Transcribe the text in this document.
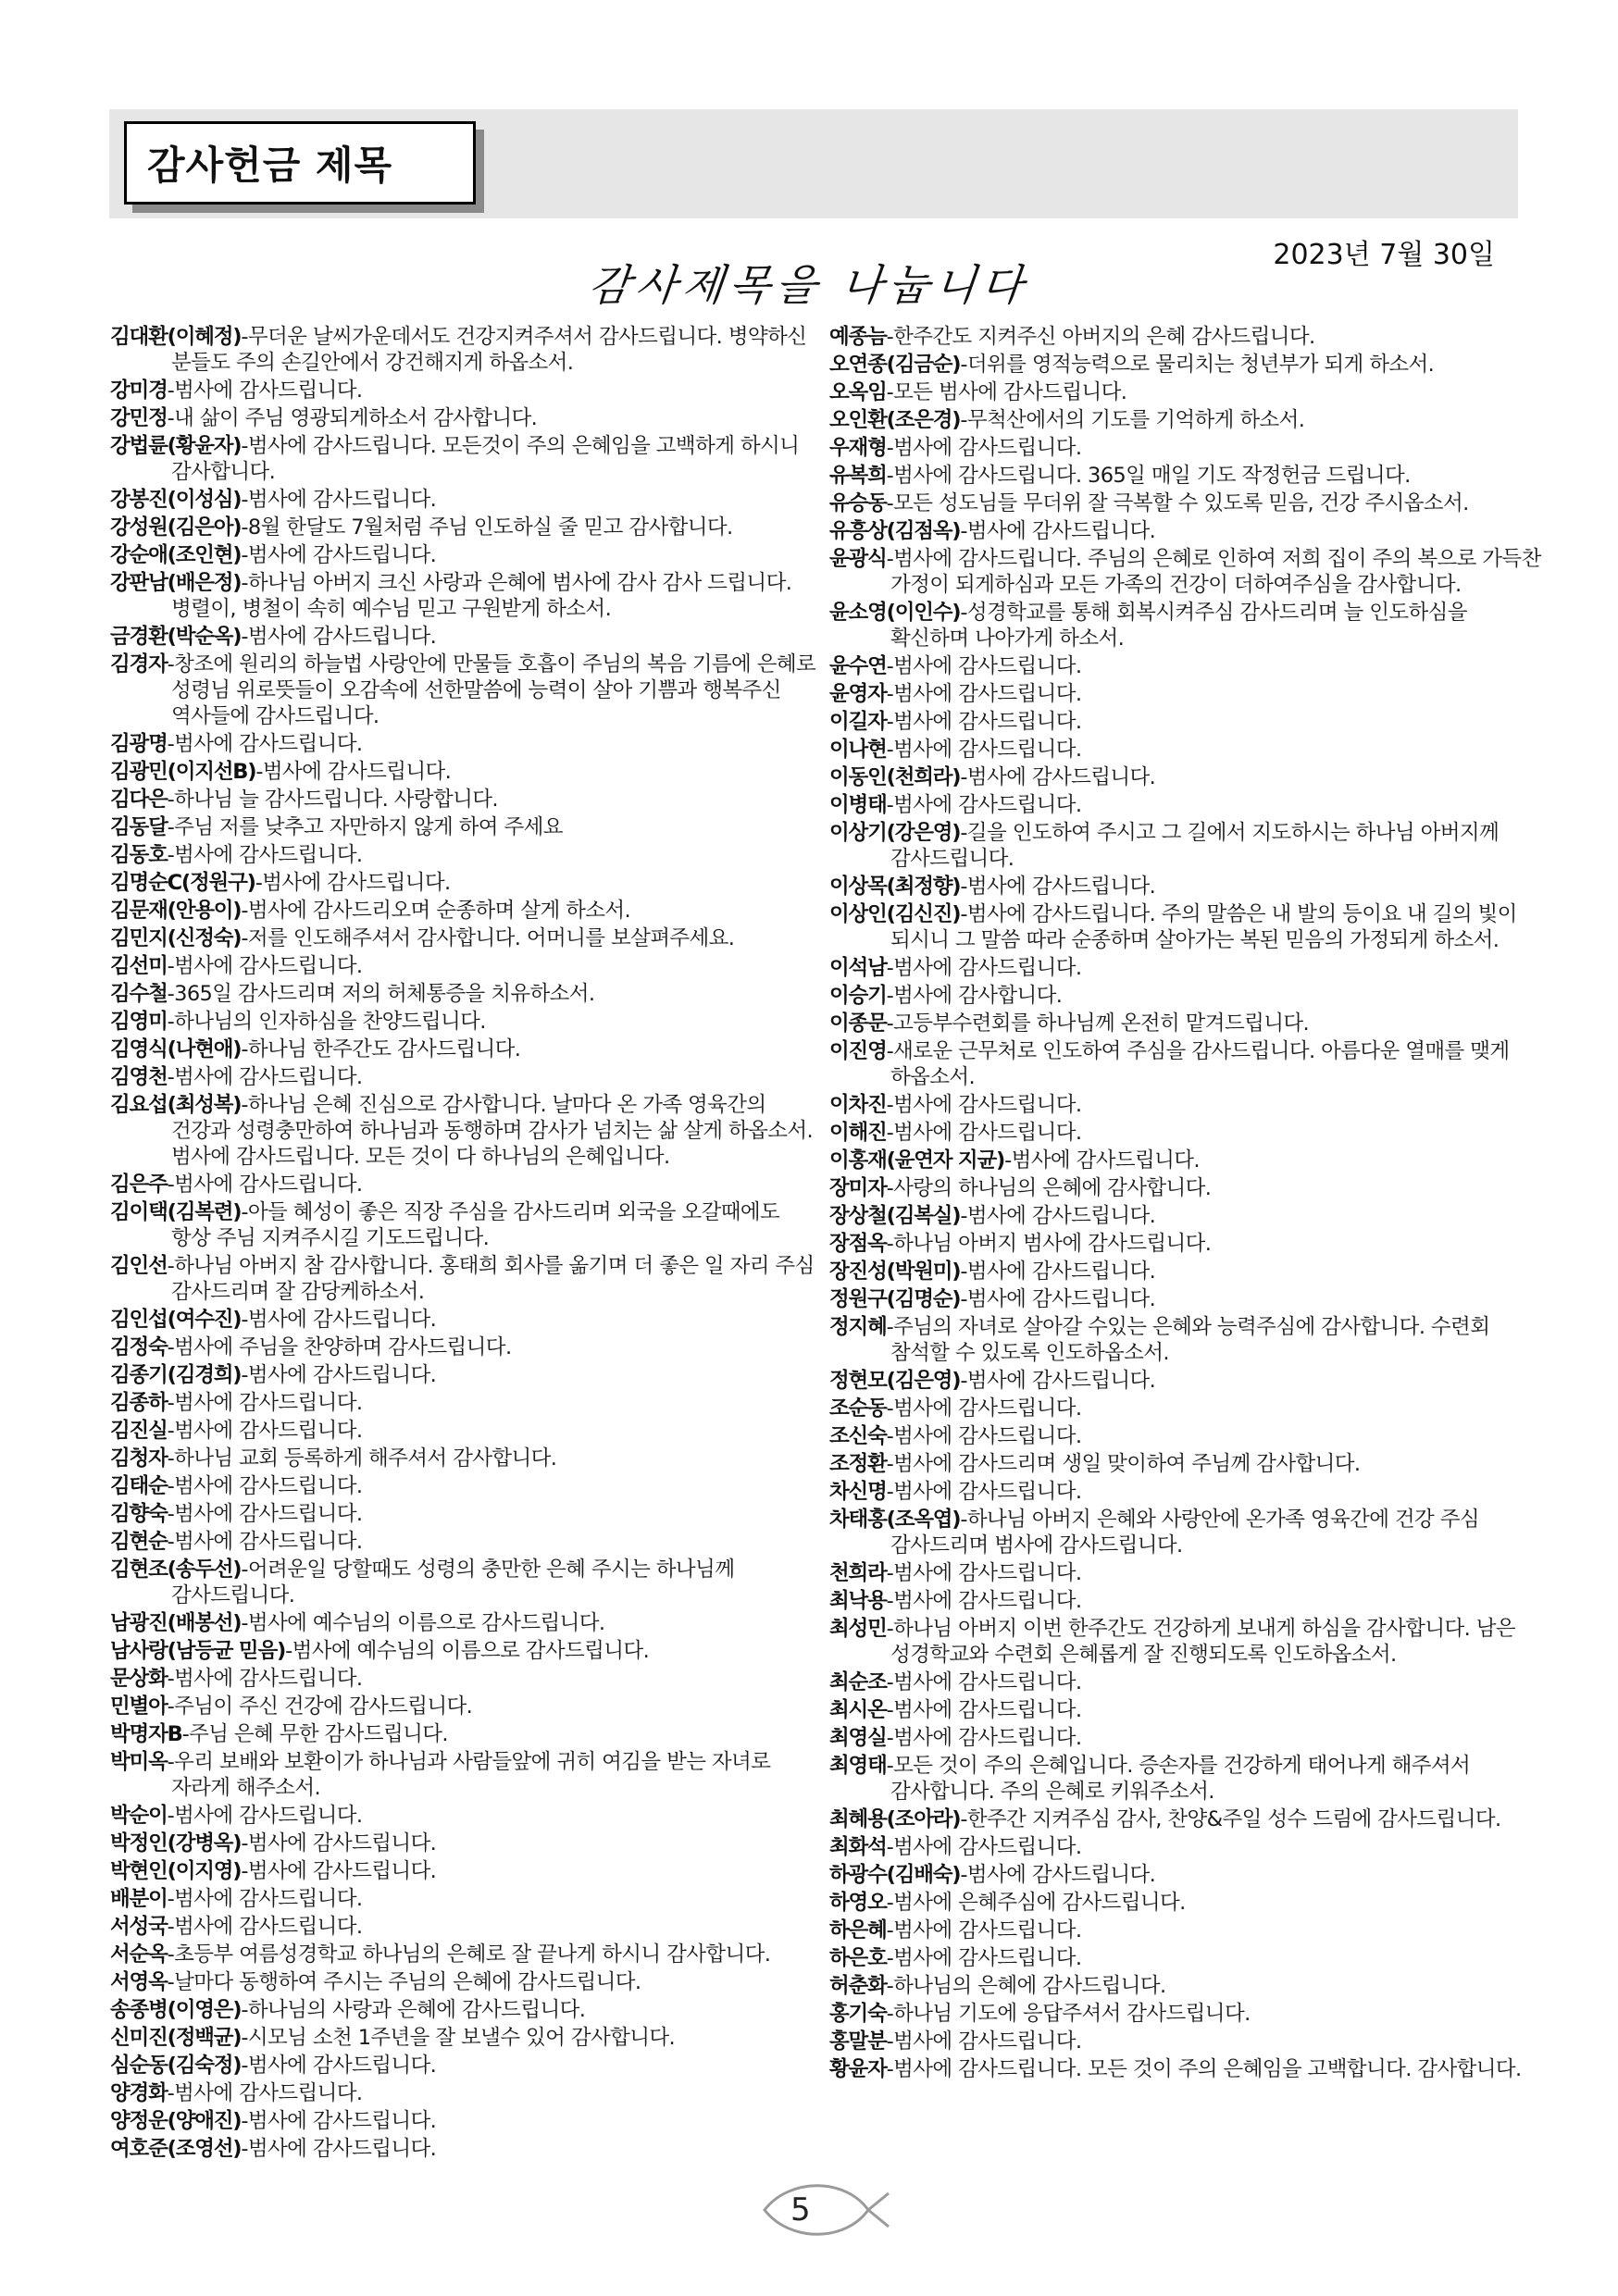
감사헌금 제목
2023년 7월 30일
감사제목을 나눕니다

김대환(이혜정)-무더운 날씨가운데서도 건강지켜주셔서 감사드립니다. 병약하신 분들도 주의 손길안에서 강건해지게 하옵소서.

강미경-범사에 감사드립니다.

강민정-내 삶이 주님 영광되게하소서 감사합니다.

강법륜(황윤자)-범사에 감사드립니다. 모든것이 주의 은혜임을 고백하게 하시니 감사합니다.

강봉진(이성심)-범사에 감사드립니다.

강성원(김은아)-8월 한달도 7월처럼 주님 인도하실 줄 믿고 감사합니다.

강순애(조인현)-범사에 감사드립니다.

강판남(배은정)-하나님 아버지 크신 사랑과 은혜에 범사에 감사 감사 드립니다. 병렬이, 병철이 속히 예수님 믿고 구원받게 하소서.

금경환(박순옥)-범사에 감사드립니다.

김경자-창조에 원리의 하늘법 사랑안에 만물들 호흡이 주님의 복음 기름에 은혜로 성령님 위로뜻들이 오감속에 선한말씀에 능력이 살아 기쁨과 행복주신 역사들에 감사드립니다.

김광명-범사에 감사드립니다.

김광민(이지선B)-범사에 감사드립니다.

김다은-하나님 늘 감사드립니다. 사랑합니다.

김동달-주님 저를 낮추고 자만하지 않게 하여 주세요

김동호-범사에 감사드립니다.

김명순C(정원구)-범사에 감사드립니다.

김문재(안용이)-범사에 감사드리오며 순종하며 살게 하소서.

김민지(신정숙)-저를 인도해주셔서 감사합니다. 어머니를 보살펴주세요.

김선미-범사에 감사드립니다.

김수철-365일 감사드리며 저의 허체통증을 치유하소서.

김영미-하나님의 인자하심을 찬양드립니다.

김영식(나현애)-하나님 한주간도 감사드립니다.

김영천-범사에 감사드립니다.

김요섭(최성복)-하나님 은혜 진심으로 감사합니다. 날마다 온 가족 영육간의 건강과 성령충만하여 하나님과 동행하며 감사가 넘치는 삶 살게 하옵소서. 범사에 감사드립니다. 모든 것이 다 하나님의 은혜입니다.

김은주-범사에 감사드립니다.

김이택(김복련)-아들 혜성이 좋은 직장 주심을 감사드리며 외국을 오갈때에도 항상 주님 지켜주시길 기도드립니다.

김인선-하나님 아버지 참 감사합니다. 홍태희 회사를 옮기며 더 좋은 일 자리 주심 감사드리며 잘 감당케하소서.

김인섭(여수진)-범사에 감사드립니다.

김정숙-범사에 주님을 찬양하며 감사드립니다.

김종기(김경희)-범사에 감사드립니다.

김종하-범사에 감사드립니다.

김진실-범사에 감사드립니다.

김청자-하나님 교회 등록하게 해주셔서 감사합니다.

김태순-범사에 감사드립니다.

김향숙-범사에 감사드립니다.

김현순-범사에 감사드립니다.

김현조(송두선)-어려운일 당할때도 성령의 충만한 은혜 주시는 하나님께 감사드립니다.

남광진(배봉선)-범사에 예수님의 이름으로 감사드립니다.

남사랑(남등균 믿음)-범사에 예수님의 이름으로 감사드립니다.

문상화-범사에 감사드립니다.

민별아-주님이 주신 건강에 감사드립니다.

박명자B-주님 은혜 무한 감사드립니다.

박미옥-우리 보배와 보환이가 하나님과 사람들앞에 귀히 여김을 받는 자녀로 자라게 해주소서.

박순이-범사에 감사드립니다.

박정인(강병옥)-범사에 감사드립니다.

박현인(이지영)-범사에 감사드립니다.

배분이-범사에 감사드립니다.

서성국-범사에 감사드립니다.

서순옥-초등부 여름성경학교 하나님의 은혜로 잘 끝나게 하시니 감사합니다.

서영옥-날마다 동행하여 주시는 주님의 은혜에 감사드립니다.

송종병(이영은)-하나님의 사랑과 은혜에 감사드립니다.

신미진(정백균)-시모님 소천 1주년을 잘 보낼수 있어 감사합니다.

심순동(김숙정)-범사에 감사드립니다.

양경화-범사에 감사드립니다.

양정운(양애진)-범사에 감사드립니다.

여호준(조영선)-범사에 감사드립니다.

예종늠-한주간도 지켜주신 아버지의 은혜 감사드립니다.

오연종(김금순)-더위를 영적능력으로 물리치는 청년부가 되게 하소서.

오옥임-모든 범사에 감사드립니다.

오인환(조은경)-무척산에서의 기도를 기억하게 하소서.

우재형-범사에 감사드립니다.

유복희-범사에 감사드립니다. 365일 매일 기도 작정헌금 드립니다.

유승동-모든 성도님들 무더위 잘 극복할 수 있도록 믿음, 건강 주시옵소서.

유흥상(김점옥)-범사에 감사드립니다.

윤광식-범사에 감사드립니다. 주님의 은혜로 인하여 저희 집이 주의 복으로 가득찬 가정이 되게하심과 모든 가족의 건강이 더하여주심을 감사합니다.

윤소영(이인수)-성경학교를 통해 회복시켜주심 감사드리며 늘 인도하심을 확신하며 나아가게 하소서.

윤수연-범사에 감사드립니다.

윤영자-범사에 감사드립니다.

이길자-범사에 감사드립니다.

이나현-범사에 감사드립니다.

이동인(천희라)-범사에 감사드립니다.

이병태-범사에 감사드립니다.

이상기(강은영)-길을 인도하여 주시고 그 길에서 지도하시는 하나님 아버지께 감사드립니다.

이상목(최정향)-범사에 감사드립니다.

이상인(김신진)-범사에 감사드립니다. 주의 말씀은 내 발의 등이요 내 길의 빛이 되시니 그 말씀 따라 순종하며 살아가는 복된 믿음의 가정되게 하소서.

이석남-범사에 감사드립니다.

이승기-범사에 감사합니다.

이종문-고등부수련회를 하나님께 온전히 맡겨드립니다.

이진영-새로운 근무처로 인도하여 주심을 감사드립니다. 아름다운 열매를 맺게 하옵소서.

이차진-범사에 감사드립니다.

이해진-범사에 감사드립니다.

이홍재(윤연자 지균)-범사에 감사드립니다.

장미자-사랑의 하나님의 은혜에 감사합니다.

장상철(김복실)-범사에 감사드립니다.

장점옥-하나님 아버지 범사에 감사드립니다.

장진성(박원미)-범사에 감사드립니다.

정원구(김명순)-범사에 감사드립니다.

정지혜-주님의 자녀로 살아갈 수있는 은혜와 능력주심에 감사합니다. 수련회 참석할 수 있도록 인도하옵소서.

정현모(김은영)-범사에 감사드립니다.

조순동-범사에 감사드립니다.

조신숙-범사에 감사드립니다.

조정환-범사에 감사드리며 생일 맞이하여 주님께 감사합니다.

차신명-범사에 감사드립니다.

차태홍(조옥엽)-하나님 아버지 은혜와 사랑안에 온가족 영육간에 건강 주심 감사드리며 범사에 감사드립니다.

천희라-범사에 감사드립니다.

최낙용-범사에 감사드립니다.

최성민-하나님 아버지 이번 한주간도 건강하게 보내게 하심을 감사합니다. 남은 성경학교와 수련회 은혜롭게 잘 진행되도록 인도하옵소서.

최순조-범사에 감사드립니다.

최시온-범사에 감사드립니다.

최영실-범사에 감사드립니다.

최영태-모든 것이 주의 은혜입니다. 증손자를 건강하게 태어나게 해주셔서 감사합니다. 주의 은혜로 키워주소서.

최혜용(조아라)-한주간 지켜주심 감사, 찬양&주일 성수 드림에 감사드립니다.

최화석-범사에 감사드립니다.

하광수(김배숙)-범사에 감사드립니다.

하영오-범사에 은혜주심에 감사드립니다.

하은혜-범사에 감사드립니다.

하은호-범사에 감사드립니다.

허춘화-하나님의 은혜에 감사드립니다.

홍기숙-하나님 기도에 응답주셔서 감사드립니다.

홍말분-범사에 감사드립니다.

황윤자-범사에 감사드립니다. 모든 것이 주의 은혜임을 고백합니다. 감사합니다.

5
